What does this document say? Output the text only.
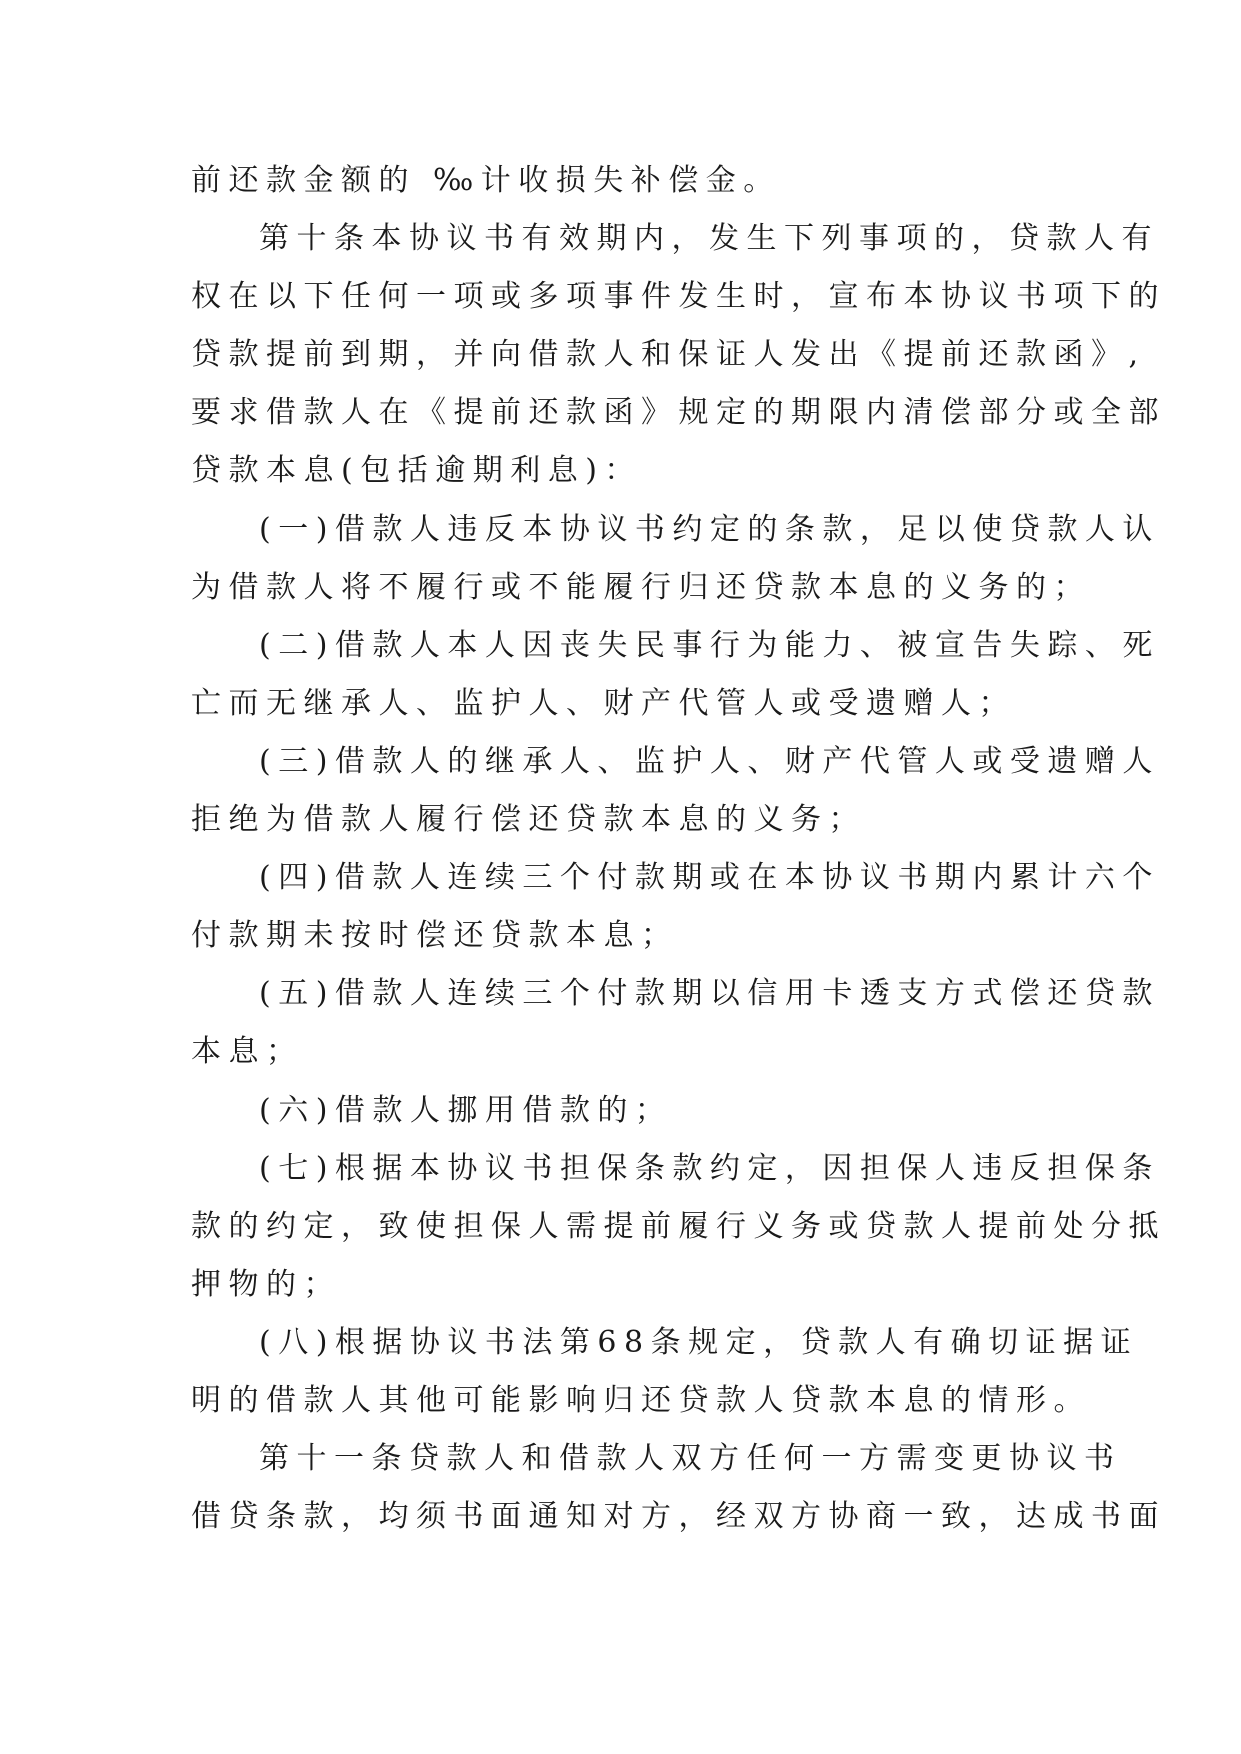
前还款金额的 ‰计收损失补偿金。
第十条本协议书有效期内，发生下列事项的，贷款人有
权在以下任何一项或多项事件发生时，宣布本协议书项下的
贷款提前到期，并向借款人和保证人发出《提前还款函》,
要求借款人在《提前还款函》规定的期限内清偿部分或全部
贷款本息(包括逾期利息)：
(一)借款人违反本协议书约定的条款，足以使贷款人认
为借款人将不履行或不能履行归还贷款本息的义务的；
(二)借款人本人因丧失民事行为能力、被宣告失踪、死
亡而无继承人、监护人、财产代管人或受遗赠人；
(三)借款人的继承人、监护人、财产代管人或受遗赠人
拒绝为借款人履行偿还贷款本息的义务；
(四)借款人连续三个付款期或在本协议书期内累计六个
付款期未按时偿还贷款本息；
(五)借款人连续三个付款期以信用卡透支方式偿还贷款
本息；
(六)借款人挪用借款的；
(七)根据本协议书担保条款约定，因担保人违反担保条
款的约定，致使担保人需提前履行义务或贷款人提前处分抵
押物的；
(八)根据协议书法第68条规定，贷款人有确切证据证
明的借款人其他可能影响归还贷款人贷款本息的情形。
第十一条贷款人和借款人双方任何一方需变更协议书
借贷条款，均须书面通知对方，经双方协商一致，达成书面
